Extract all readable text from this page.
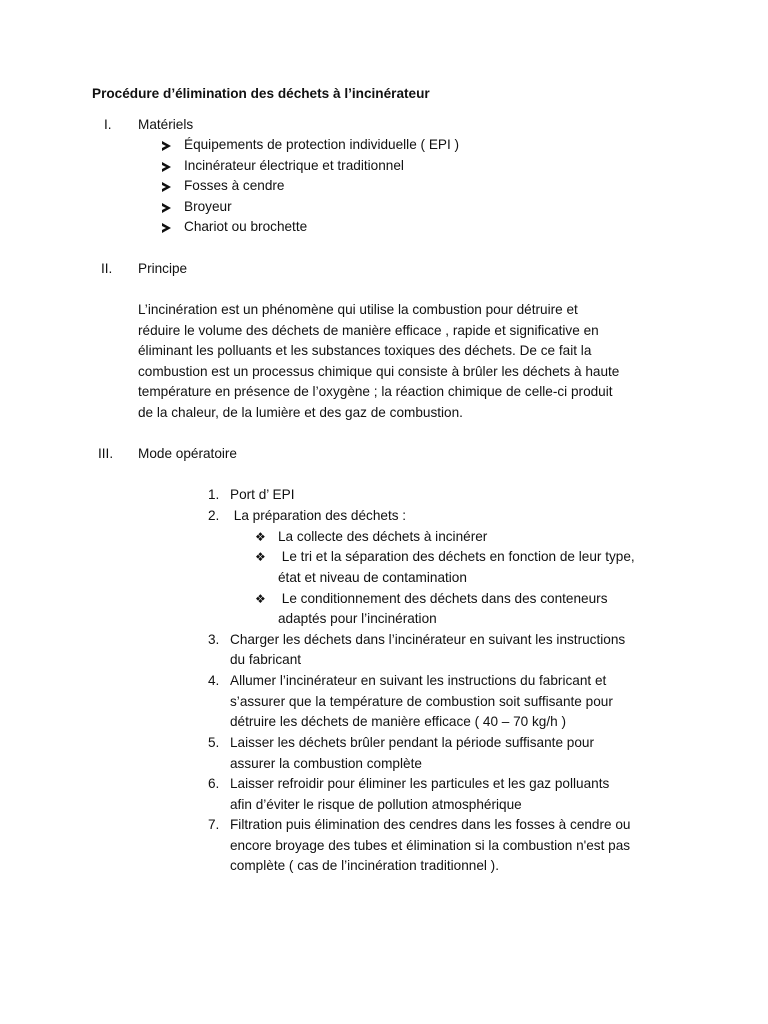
Procédure d’élimination des déchets à l’incinérateur
I. Matériels
Équipements de protection individuelle ( EPI )
Incinérateur électrique et traditionnel
Fosses à cendre
Broyeur
Chariot ou brochette
II. Principe
L’incinération est un phénomène qui utilise la combustion pour détruire et
réduire le volume des déchets de manière efficace , rapide et significative en
éliminant les polluants et les substances toxiques des déchets. De ce fait la
combustion est un processus chimique qui consiste à brûler les déchets à haute
température en présence de l’oxygène ; la réaction chimique de celle-ci produit
de la chaleur, de la lumière et des gaz de combustion.
III. Mode opératoire
1. Port d’ EPI
2. La préparation des déchets :
❖ La collecte des déchets à incinérer
❖ Le tri et la séparation des déchets en fonction de leur type,
état et niveau de contamination
❖ Le conditionnement des déchets dans des conteneurs
adaptés pour l’incinération
3. Charger les déchets dans l’incinérateur en suivant les instructions
du fabricant
4. Allumer l’incinérateur en suivant les instructions du fabricant et
s’assurer que la température de combustion soit suffisante pour
détruire les déchets de manière efficace ( 40 – 70 kg/h )
5. Laisser les déchets brûler pendant la période suffisante pour
assurer la combustion complète
6. Laisser refroidir pour éliminer les particules et les gaz polluants
afin d’éviter le risque de pollution atmosphérique
7. Filtration puis élimination des cendres dans les fosses à cendre ou
encore broyage des tubes et élimination si la combustion n'est pas
complète ( cas de l’incinération traditionnel ).
